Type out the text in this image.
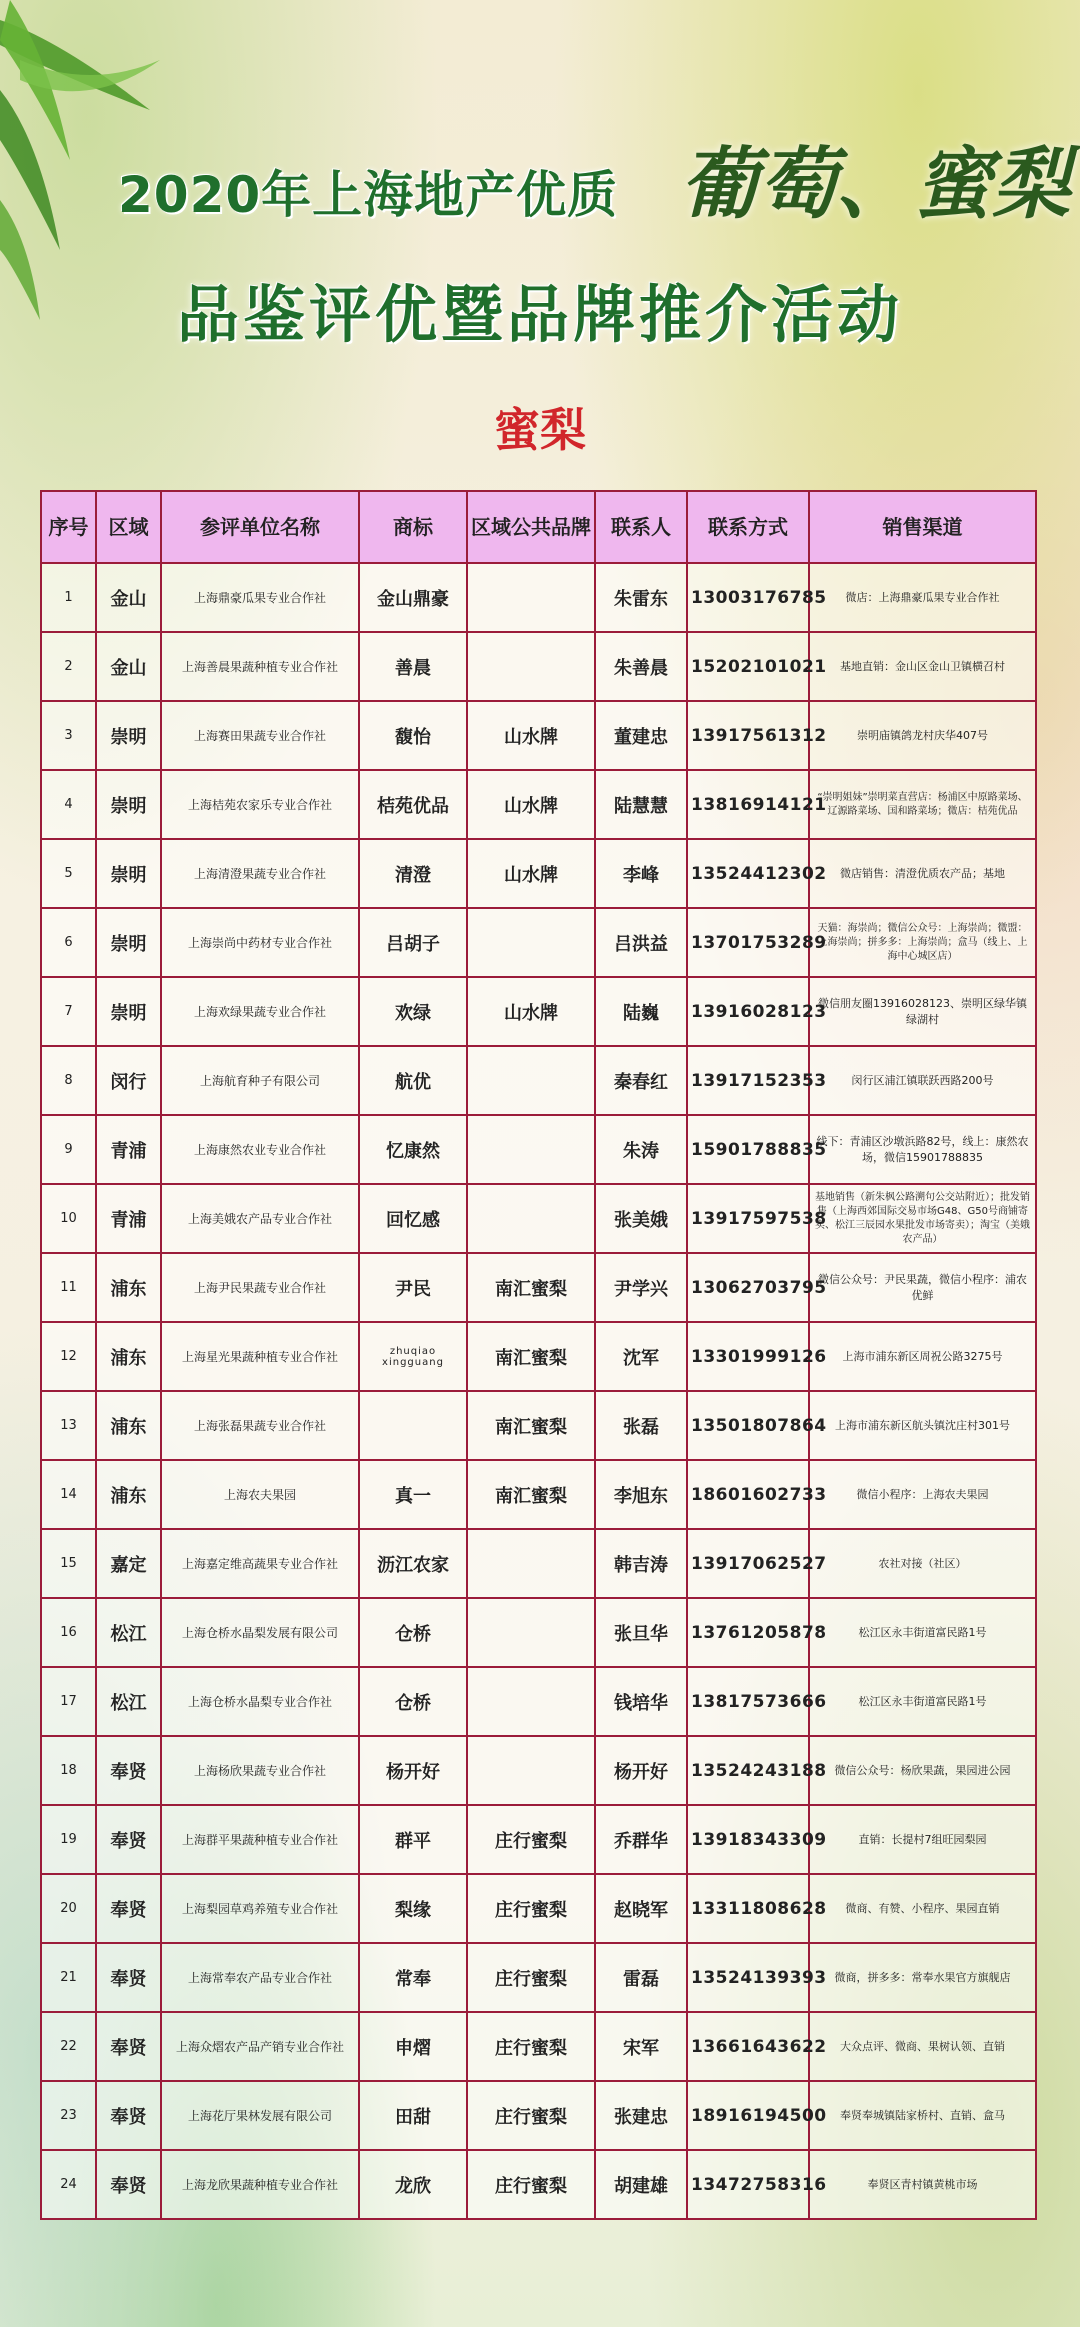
2020年上海地产优质 葡萄、蜜梨
品鉴评优暨品牌推介活动
蜜梨
序号	区域	参评单位名称	商标	区域公共品牌	联系人	联系方式	销售渠道
1	金山	上海鼎豪瓜果专业合作社	金山鼎豪		朱雷东	13003176785	微店：上海鼎豪瓜果专业合作社
2	金山	上海善晨果蔬种植专业合作社	善晨		朱善晨	15202101021	基地直销：金山区金山卫镇横召村
3	崇明	上海赛田果蔬专业合作社	馥怡	山水牌	董建忠	13917561312	崇明庙镇鸽龙村庆华407号
4	崇明	上海桔苑农家乐专业合作社	桔苑优品	山水牌	陆慧慧	13816914121	“崇明姐妹”崇明菜直营店：杨浦区中原路菜场、辽源路菜场、国和路菜场；微店：桔苑优品
5	崇明	上海清澄果蔬专业合作社	清澄	山水牌	李峰	13524412302	微店销售：清澄优质农产品；基地
6	崇明	上海崇尚中药材专业合作社	吕胡子		吕洪益	13701753289	天猫：海崇尚；微信公众号：上海崇尚；微盟：上海崇尚；拼多多：上海崇尚；盒马（线上、上海中心城区店）
7	崇明	上海欢绿果蔬专业合作社	欢绿	山水牌	陆巍	13916028123	微信朋友圈13916028123、崇明区绿华镇绿湖村
8	闵行	上海航育种子有限公司	航优		秦春红	13917152353	闵行区浦江镇联跃西路200号
9	青浦	上海康然农业专业合作社	忆康然		朱涛	15901788835	线下：青浦区沙墩浜路82号，线上：康然农场，微信15901788835
10	青浦	上海美娥农产品专业合作社	回忆感		张美娥	13917597538	基地销售（新朱枫公路溯句公交站附近）；批发销售（上海西郊国际交易市场G48、G50号商铺寄卖、松江三辰园水果批发市场寄卖）；淘宝（美娥农产品）
11	浦东	上海尹民果蔬专业合作社	尹民	南汇蜜梨	尹学兴	13062703795	微信公众号：尹民果蔬，微信小程序：浦农优鲜
12	浦东	上海星光果蔬种植专业合作社	zhuqiao xingguang	南汇蜜梨	沈军	13301999126	上海市浦东新区周祝公路3275号
13	浦东	上海张磊果蔬专业合作社		南汇蜜梨	张磊	13501807864	上海市浦东新区航头镇沈庄村301号
14	浦东	上海农夫果园	真一	南汇蜜梨	李旭东	18601602733	微信小程序：上海农夫果园
15	嘉定	上海嘉定维高蔬果专业合作社	沥江农家		韩吉涛	13917062527	农社对接（社区）
16	松江	上海仓桥水晶梨发展有限公司	仓桥		张旦华	13761205878	松江区永丰街道富民路1号
17	松江	上海仓桥水晶梨专业合作社	仓桥		钱培华	13817573666	松江区永丰街道富民路1号
18	奉贤	上海杨欣果蔬专业合作社	杨开好		杨开好	13524243188	微信公众号：杨欣果蔬，果园进公园
19	奉贤	上海群平果蔬种植专业合作社	群平	庄行蜜梨	乔群华	13918343309	直销：长提村7组旺园梨园
20	奉贤	上海梨园草鸡养殖专业合作社	梨缘	庄行蜜梨	赵晓军	13311808628	微商、有赞、小程序、果园直销
21	奉贤	上海常奉农产品专业合作社	常奉	庄行蜜梨	雷磊	13524139393	微商，拼多多：常奉水果官方旗舰店
22	奉贤	上海众熠农产品产销专业合作社	申熠	庄行蜜梨	宋军	13661643622	大众点评、微商、果树认领、直销
23	奉贤	上海花厅果林发展有限公司	田甜	庄行蜜梨	张建忠	18916194500	奉贤奉城镇陆家桥村、直销、盒马
24	奉贤	上海龙欣果蔬种植专业合作社	龙欣	庄行蜜梨	胡建雄	13472758316	奉贤区青村镇黄桃市场
